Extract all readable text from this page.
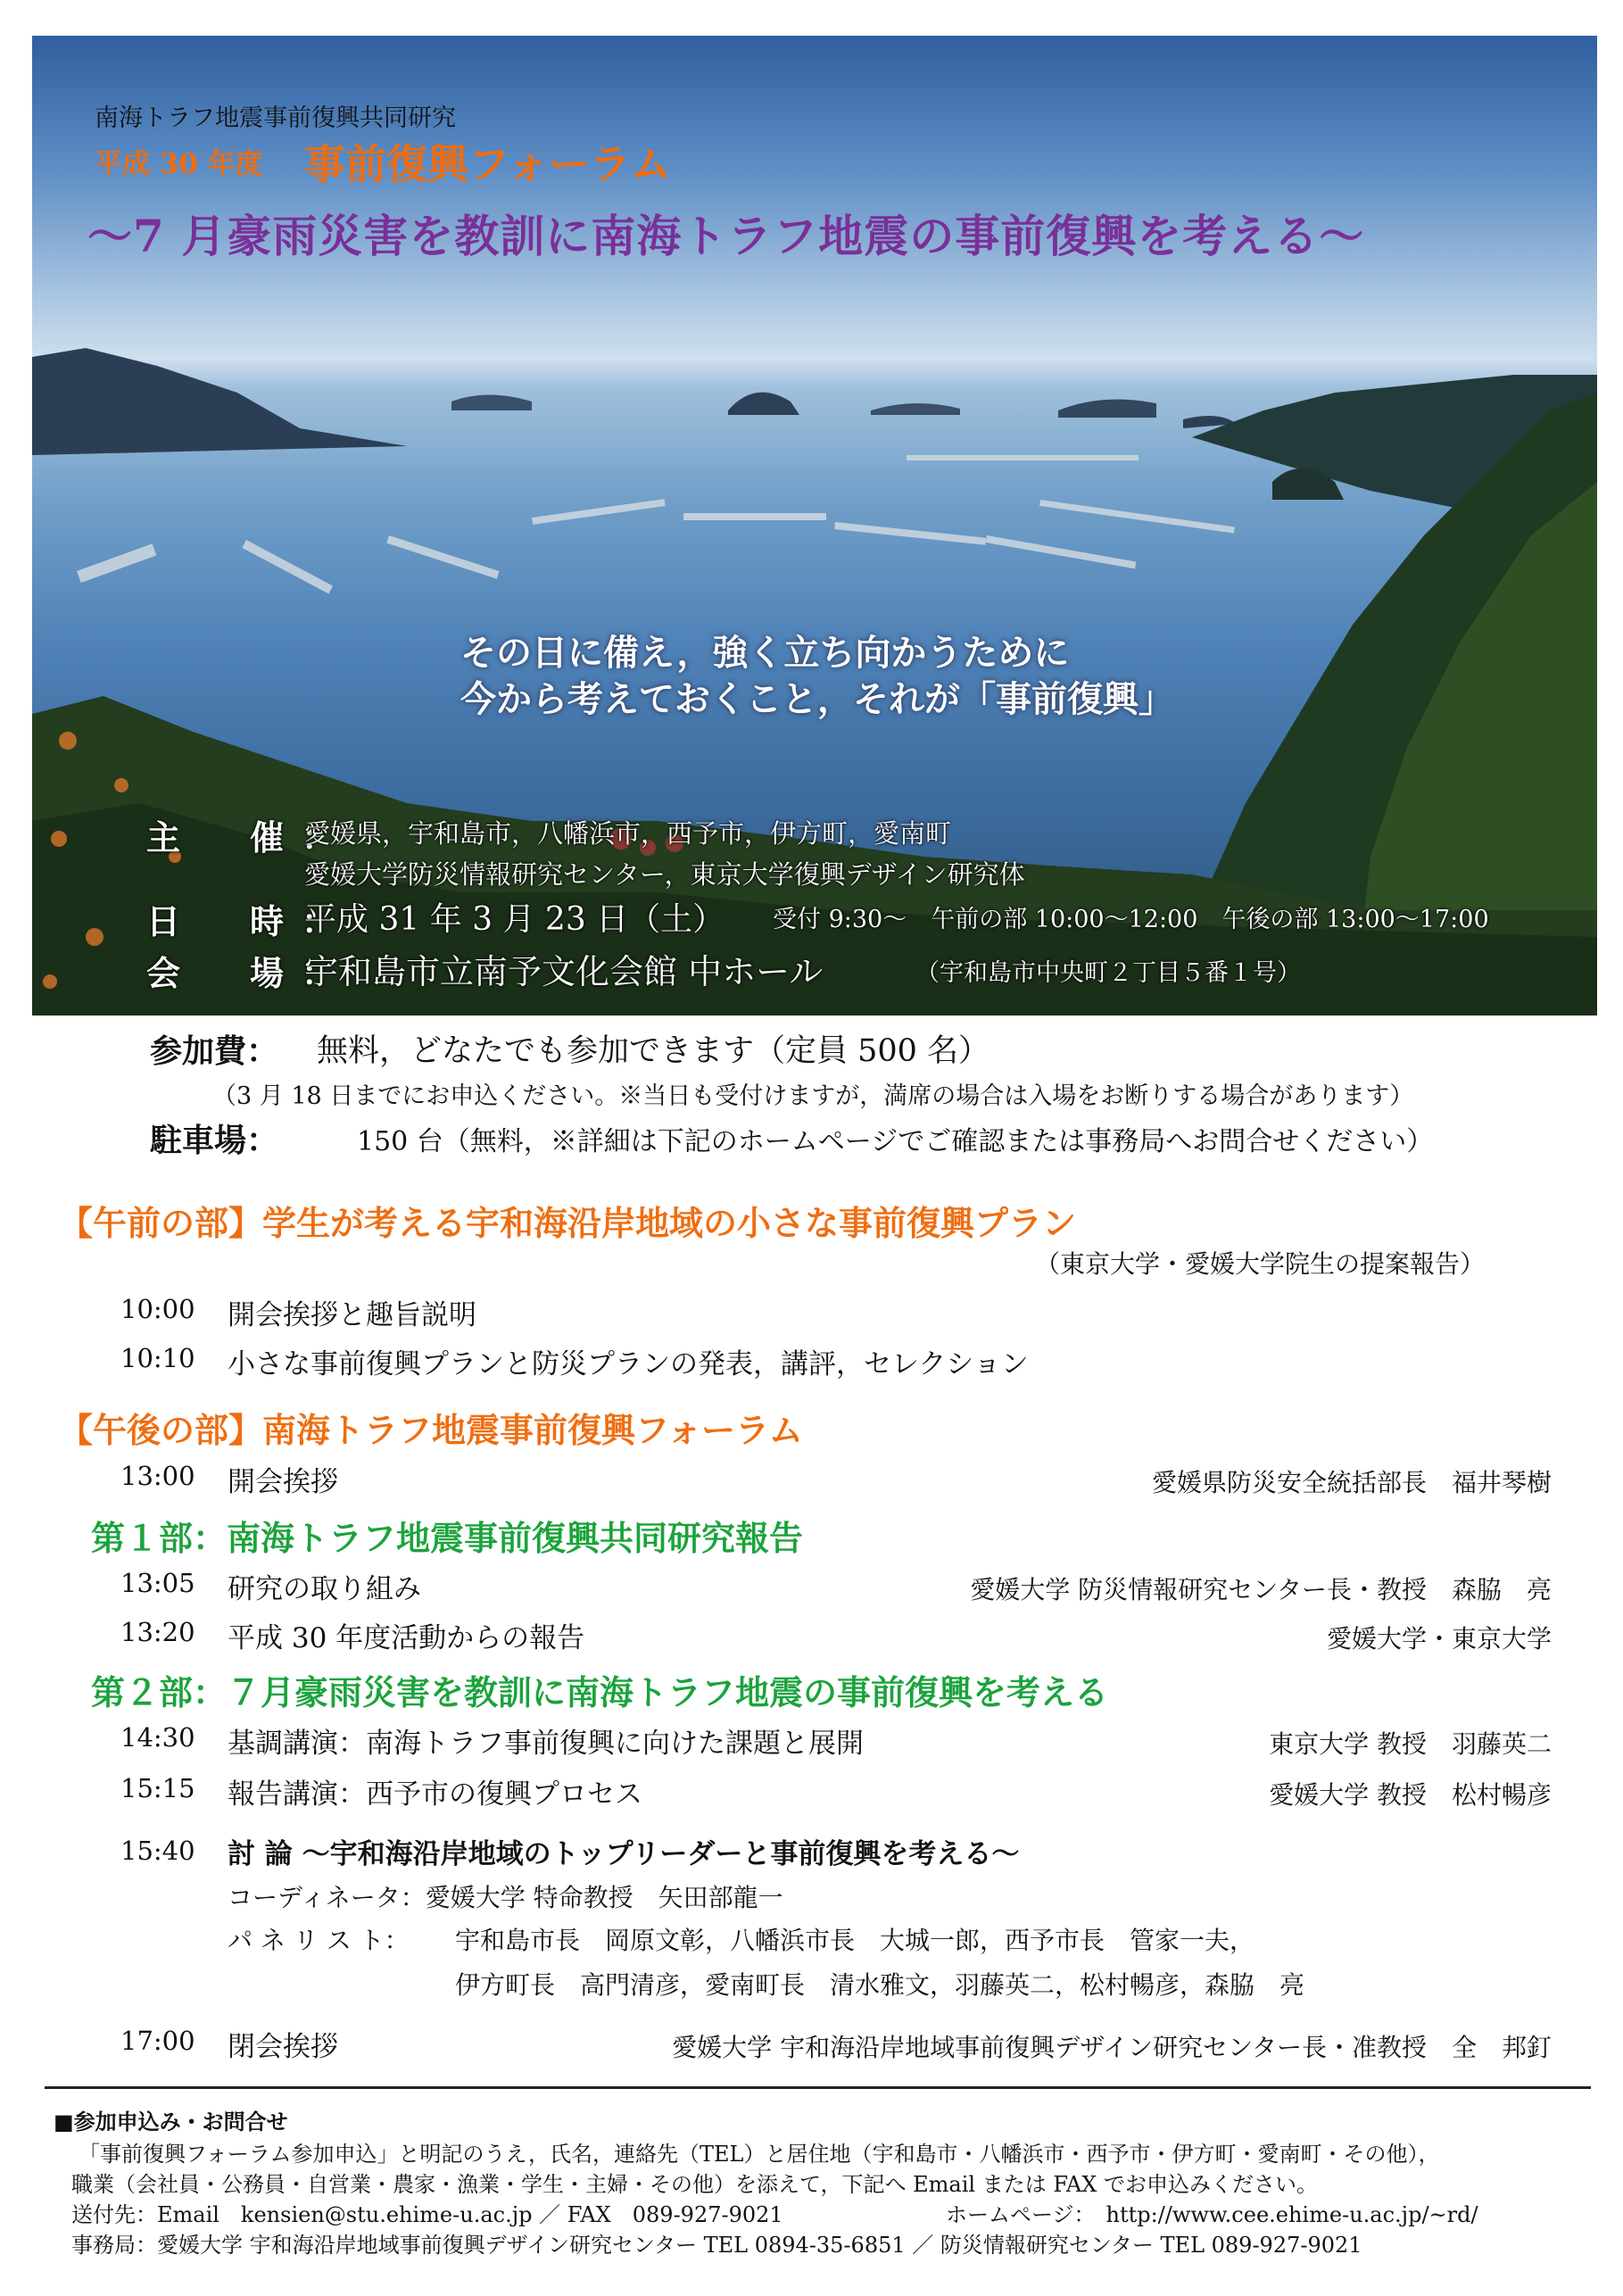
南海トラフ地震事前復興共同研究
平成 30 年度 事前復興フォーラム
～7 月豪雨災害を教訓に南海トラフ地震の事前復興を考える～
その日に備え，強く立ち向かうために
今から考えておくこと，それが「事前復興」
主　催：
愛媛県，宇和島市，八幡浜市，西予市，伊方町，愛南町
愛媛大学防災情報研究センター，東京大学復興デザイン研究体
日　時：
平成 31 年 3 月 23 日（土） 受付 9:30～　午前の部 10:00～12:00　午後の部 13:00～17:00
会　場：
宇和島市立南予文化会館 中ホール	（宇和島市中央町２丁目５番１号）
参加費： 無料，どなたでも参加できます（定員 500 名）
（3 月 18 日までにお申込ください。※当日も受付けますが，満席の場合は入場をお断りする場合があります）
駐車場：	150 台（無料，※詳細は下記のホームページでご確認または事務局へお問合せください）
【午前の部】学生が考える宇和海沿岸地域の小さな事前復興プラン
（東京大学・愛媛大学院生の提案報告）
10:00 開会挨拶と趣旨説明
10:10 小さな事前復興プランと防災プランの発表，講評，セレクション
【午後の部】南海トラフ地震事前復興フォーラム
13:00 開会挨拶	愛媛県防災安全統括部長　福井琴樹
第１部：南海トラフ地震事前復興共同研究報告
13:05 研究の取り組み	愛媛大学 防災情報研究センター長・教授　森脇　亮
13:20 平成 30 年度活動からの報告	愛媛大学・東京大学
第２部：７月豪雨災害を教訓に南海トラフ地震の事前復興を考える
14:30 基調講演：南海トラフ事前復興に向けた課題と展開	東京大学 教授　羽藤英二
15:15 報告講演：西予市の復興プロセス	愛媛大学 教授　松村暢彦
15:40 討 論 ～宇和海沿岸地域のトップリーダーと事前復興を考える～
コーディネータ：愛媛大学 特命教授　矢田部龍一
パ ネ リ ス ト： 宇和島市長　岡原文彰，八幡浜市長　大城一郎，西予市長　管家一夫，
伊方町長　高門清彦，愛南町長　清水雅文，羽藤英二，松村暢彦，森脇　亮
17:00 閉会挨拶	愛媛大学 宇和海沿岸地域事前復興デザイン研究センター長・准教授　全　邦釘
■参加申込み・お問合せ
「事前復興フォーラム参加申込」と明記のうえ，氏名，連絡先（TEL）と居住地（宇和島市・八幡浜市・西予市・伊方町・愛南町・その他），
職業（会社員・公務員・自営業・農家・漁業・学生・主婦・その他）を添えて，下記へ Email または FAX でお申込みください。
送付先：Email　kensien@stu.ehime-u.ac.jp ／ FAX　089-927-9021	ホームページ：　http://www.cee.ehime-u.ac.jp/~rd/
事務局：愛媛大学 宇和海沿岸地域事前復興デザイン研究センター TEL 0894-35-6851 ／ 防災情報研究センター TEL 089-927-9021
